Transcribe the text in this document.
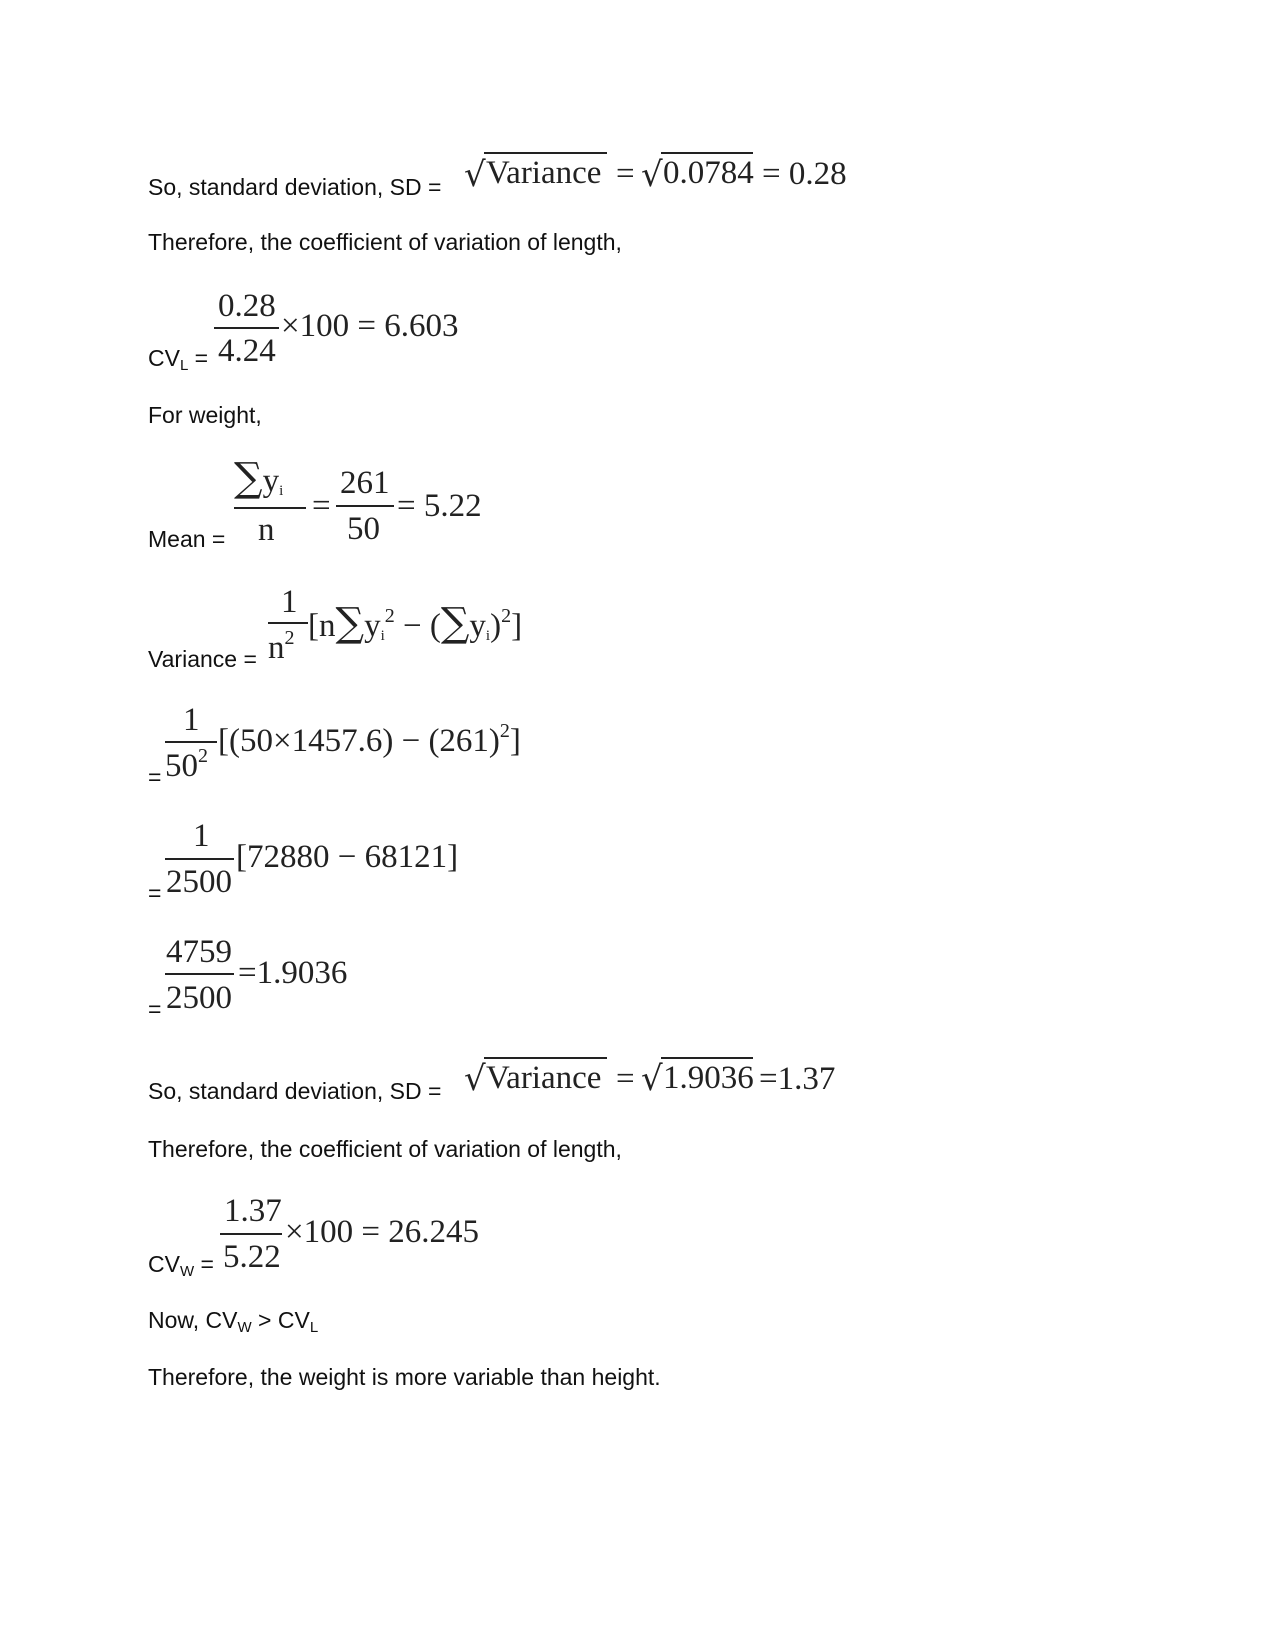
So, standard deviation, SD = √ Variance = √ 0.0784 = 0.28
Therefore, the coefficient of variation of length,
CVL =
0.28
4.24
×100 = 6.603
For weight,
Mean =
∑yi
n
=
261
50
= 5.22
Variance =
1
$n^2$ $[n\sum yi^2 - (\sum yi)^2]$
=
1
$50^2$ $[(50\times 1457.6) - (261)^2]$
=
1
2500
[72880 − 68121]
=
4759
2500
=1.9036
So, standard deviation, SD = √ Variance = √ 1.9036 =1.37
Therefore, the coefficient of variation of length,
CVW =
1.37
5.22
×100 = 26.245
Now, CVW > CVL
Therefore, the weight is more variable than height.
